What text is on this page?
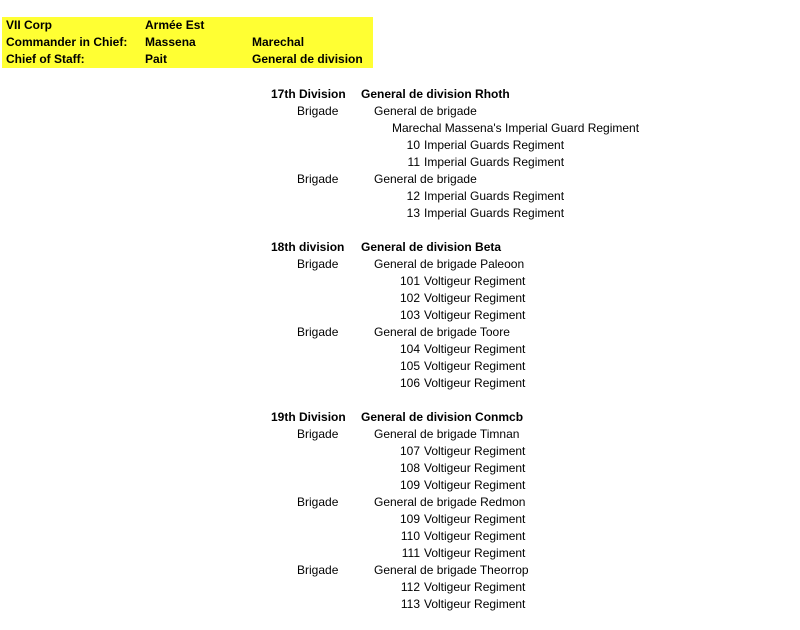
VII Corp	Armée Est
Commander in Chief: Massena	Marechal
Chief of Staff:	Pait	General de division
17th Division General de division Rhoth
Brigade	General de brigade
Marechal Massena's Imperial Guard Regiment
10 Imperial Guards Regiment
11 Imperial Guards Regiment
Brigade	General de brigade
12 Imperial Guards Regiment
13 Imperial Guards Regiment
18th division General de division Beta
Brigade	General de brigade Paleoon
101 Voltigeur Regiment
102 Voltigeur Regiment
103 Voltigeur Regiment
Brigade	General de brigade Toore
104 Voltigeur Regiment
105 Voltigeur Regiment
106 Voltigeur Regiment
19th Division General de division Conmcb
Brigade	General de brigade Timnan
107 Voltigeur Regiment
108 Voltigeur Regiment
109 Voltigeur Regiment
Brigade	General de brigade Redmon
109 Voltigeur Regiment
110 Voltigeur Regiment
111 Voltigeur Regiment
Brigade	General de brigade Theorrop
112 Voltigeur Regiment
113 Voltigeur Regiment
